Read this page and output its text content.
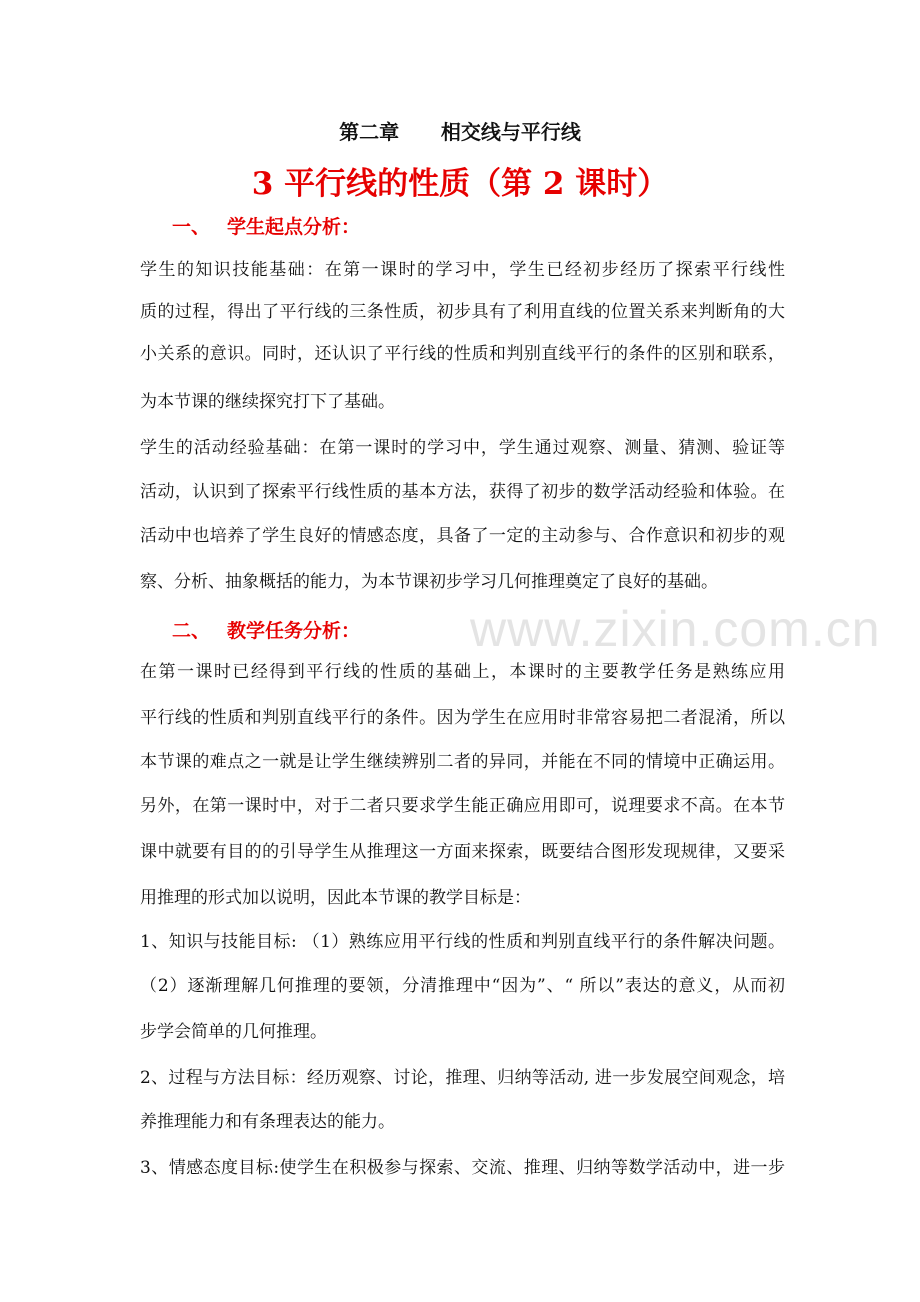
www.zixin.com.cn
第二章      相交线与平行线
3 平行线的性质（第 2 课时）
一、 学生起点分析：
学生的知识技能基础：在第一课时的学习中，学生已经初步经历了探索平行线性
质的过程，得出了平行线的三条性质，初步具有了利用直线的位置关系来判断角的大
小关系的意识。同时，还认识了平行线的性质和判别直线平行的条件的区别和联系，
为本节课的继续探究打下了基础。
学生的活动经验基础：在第一课时的学习中，学生通过观察、测量、猜测、验证等
活动，认识到了探索平行线性质的基本方法，获得了初步的数学活动经验和体验。在
活动中也培养了学生良好的情感态度，具备了一定的主动参与、合作意识和初步的观
察、分析、抽象概括的能力，为本节课初步学习几何推理奠定了良好的基础。
二、 教学任务分析：
在第一课时已经得到平行线的性质的基础上，本课时的主要教学任务是熟练应用
平行线的性质和判别直线平行的条件。因为学生在应用时非常容易把二者混淆，所以
本节课的难点之一就是让学生继续辨别二者的异同，并能在不同的情境中正确运用。
另外，在第一课时中，对于二者只要求学生能正确应用即可，说理要求不高。在本节
课中就要有目的的引导学生从推理这一方面来探索，既要结合图形发现规律，又要采
用推理的形式加以说明，因此本节课的教学目标是：
1、知识与技能目标: （1）熟练应用平行线的性质和判别直线平行的条件解决问题。
（2）逐渐理解几何推理的要领，分清推理中“因为”、“ 所以”表达的意义，从而初
步学会简单的几何推理。
2、过程与方法目标：经历观察、讨论，推理、归纳等活动, 进一步发展空间观念，培
养推理能力和有条理表达的能力。
3、情感态度目标:使学生在积极参与探索、交流、推理、归纳等数学活动中，进一步
